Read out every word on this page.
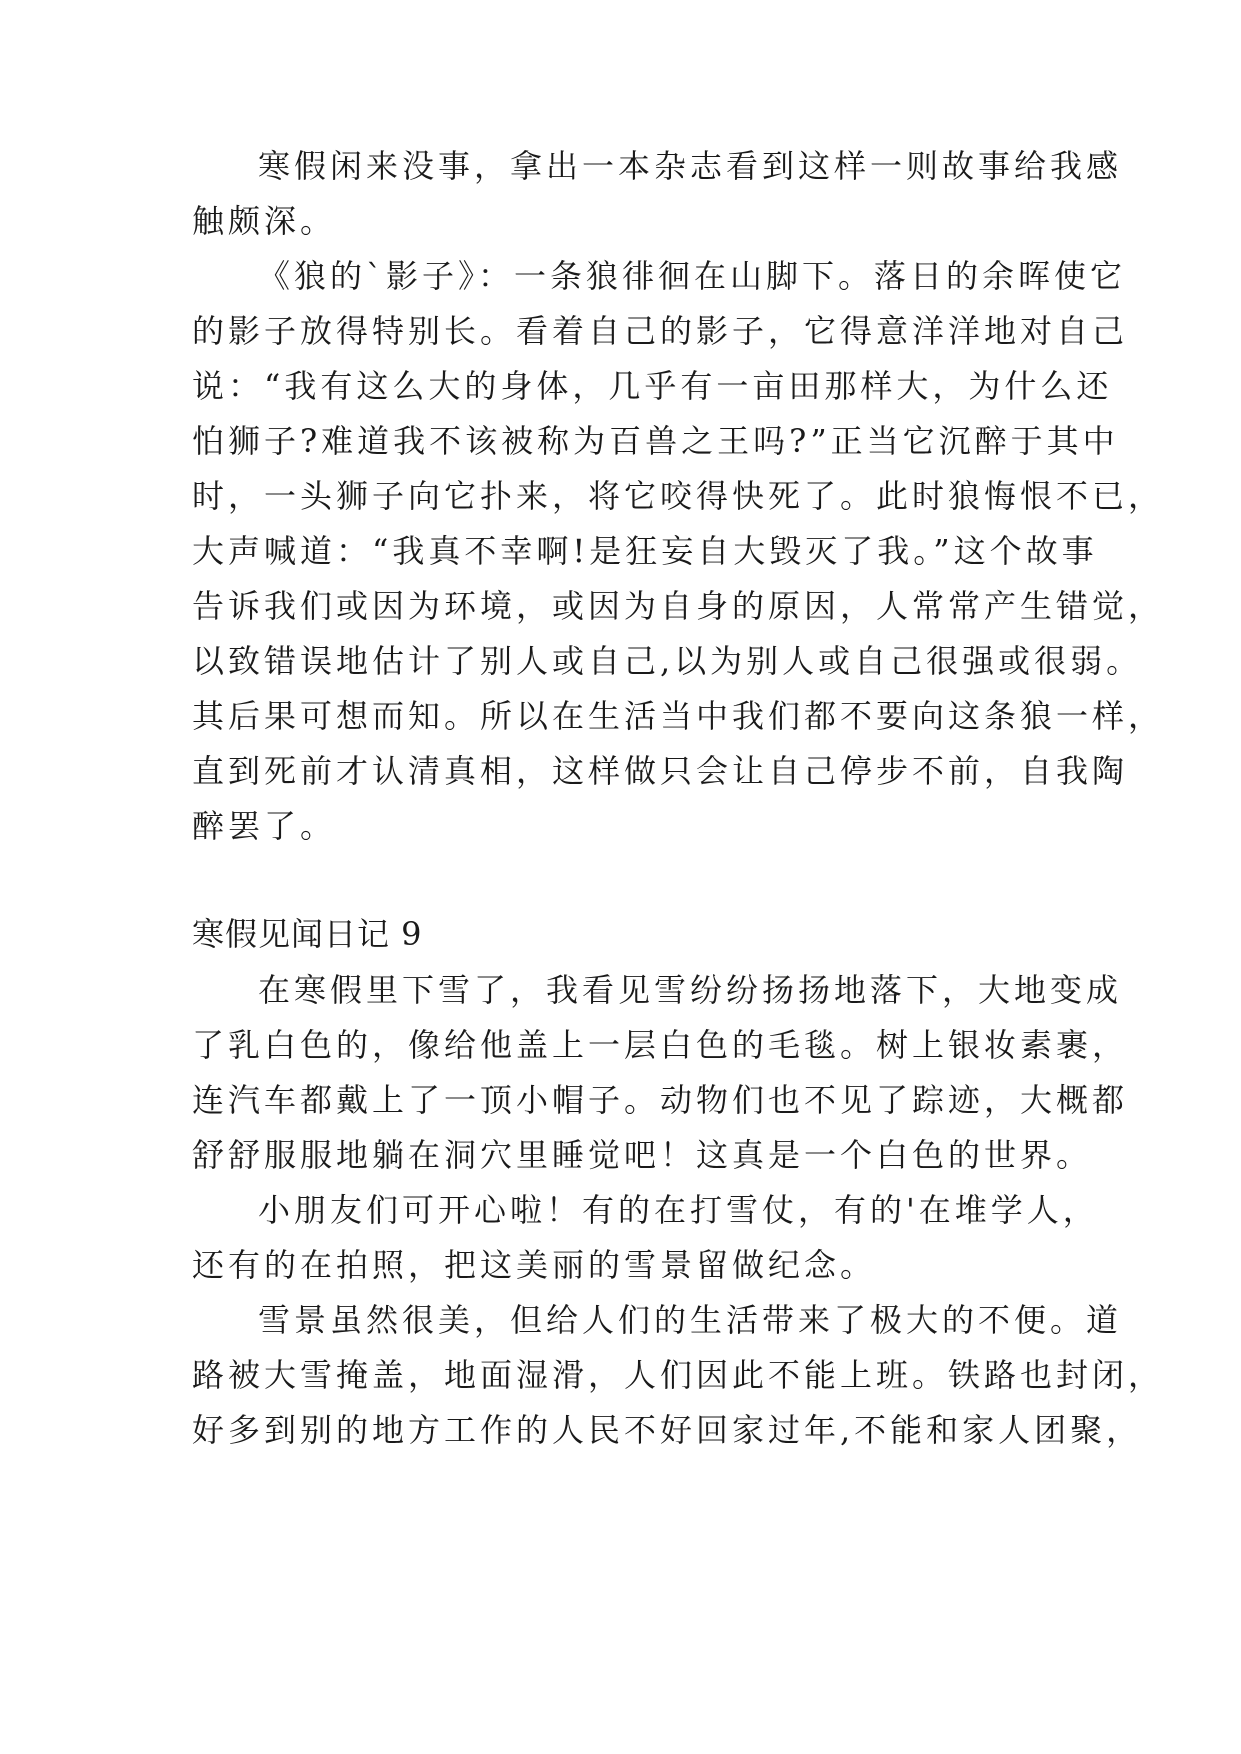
寒假闲来没事，拿出一本杂志看到这样一则故事给我感
触颇深。
《狼的`影子》：一条狼徘徊在山脚下。落日的余晖使它
的影子放得特别长。看着自己的影子，它得意洋洋地对自己
说：“我有这么大的身体，几乎有一亩田那样大，为什么还
怕狮子?难道我不该被称为百兽之王吗?”正当它沉醉于其中
时，一头狮子向它扑来，将它咬得快死了。此时狼悔恨不已，
大声喊道：“我真不幸啊!是狂妄自大毁灭了我。”这个故事
告诉我们或因为环境，或因为自身的原因，人常常产生错觉，
以致错误地估计了别人或自己,以为别人或自己很强或很弱。
其后果可想而知。所以在生活当中我们都不要向这条狼一样，
直到死前才认清真相，这样做只会让自己停步不前，自我陶
醉罢了。
寒假见闻日记 9
在寒假里下雪了，我看见雪纷纷扬扬地落下，大地变成
了乳白色的，像给他盖上一层白色的毛毯。树上银妆素裹，
连汽车都戴上了一顶小帽子。动物们也不见了踪迹，大概都
舒舒服服地躺在洞穴里睡觉吧！这真是一个白色的世界。
小朋友们可开心啦！有的在打雪仗，有的'在堆学人，
还有的在拍照，把这美丽的雪景留做纪念。
雪景虽然很美，但给人们的生活带来了极大的不便。道
路被大雪掩盖，地面湿滑，人们因此不能上班。铁路也封闭，
好多到别的地方工作的人民不好回家过年,不能和家人团聚，
